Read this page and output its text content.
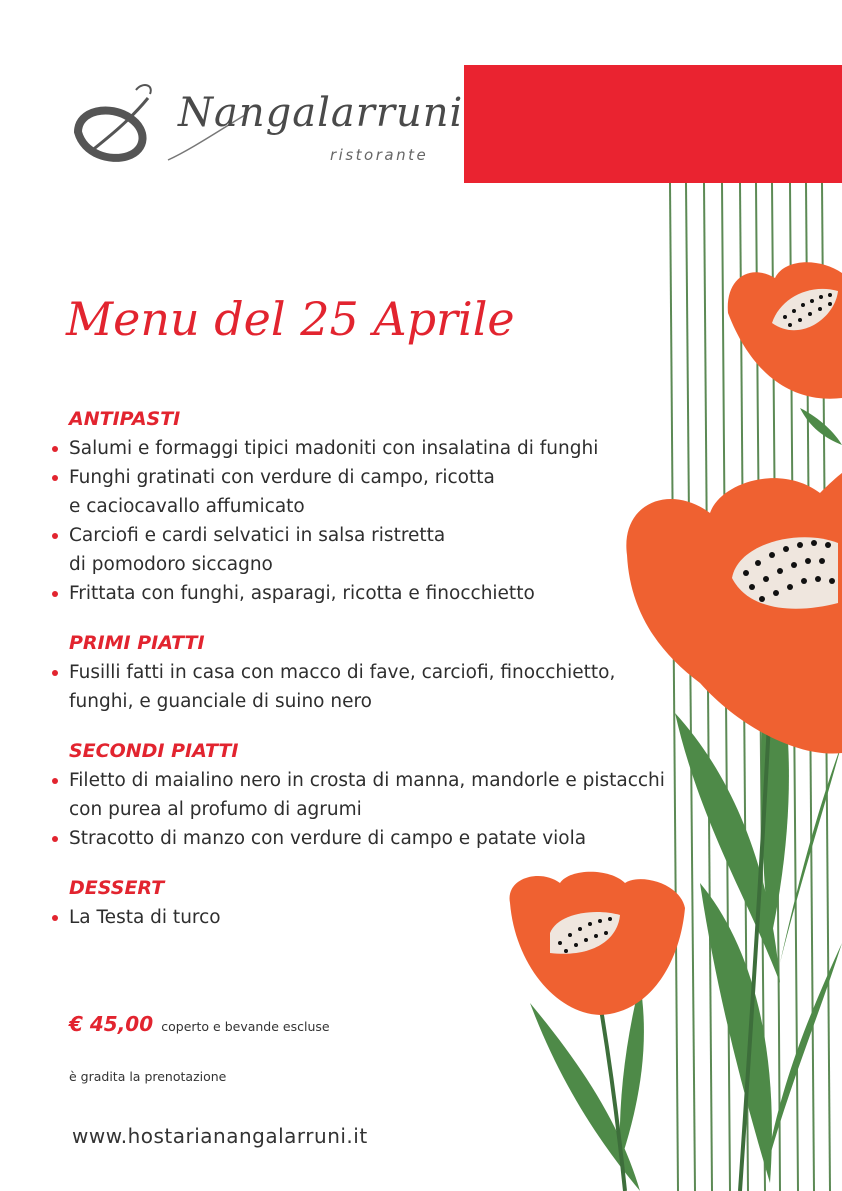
Nangalarruni
ristorante
Menu del 25 Aprile
ANTIPASTI
Salumi e formaggi tipici madoniti con insalatina di funghi
Funghi gratinati con verdure di campo, ricotta
e caciocavallo affumicato
Carciofi e cardi selvatici in salsa ristretta
di pomodoro siccagno
Frittata con funghi, asparagi, ricotta e finocchietto
PRIMI PIATTI
Fusilli fatti in casa con macco di fave, carciofi, finocchietto,
funghi, e guanciale di suino nero
SECONDI PIATTI
Filetto di maialino nero in crosta di manna, mandorle e pistacchi
con purea al profumo di agrumi
Stracotto di manzo con verdure di campo e patate viola
DESSERT
La Testa di turco
€ 45,00 coperto e bevande escluse
è gradita la prenotazione
www.hostarianangalarruni.it
